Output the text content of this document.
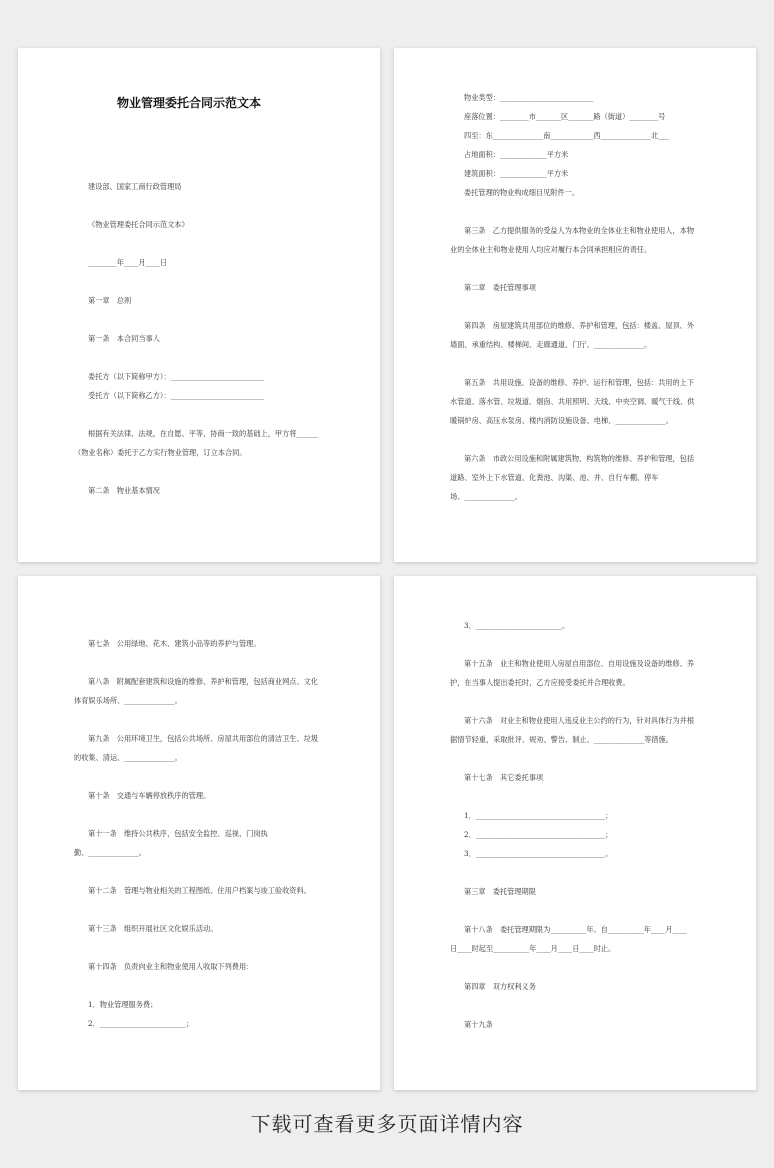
物业管理委托合同示范文本
建设部、国家工商行政管理局
《物业管理委托合同示范文本》
________年____月____日
第一章　总则
第一条　本合同当事人
委托方（以下简称甲方）：__________________________
受托方（以下简称乙方）：__________________________
根据有关法律、法规，在自愿、平等、协商一致的基础上，甲方将______
（物业名称）委托于乙方实行物业管理，订立本合同。
第二条　物业基本情况
物业类型：__________________________
座落位置：________市_______区_______路（街道）________号
四至：东______________南____________西______________北___
占地面积：_____________平方米
建筑面积：_____________平方米
委托管理的物业构成细目见附件一。
第三条　乙方提供服务的受益人为本物业的全体业主和物业使用人，本物
业的全体业主和物业使用人均应对履行本合同承担相应的责任。
第二章　委托管理事项
第四条　房屋建筑共用部位的维修、养护和管理，包括：楼盖、屋顶、外
墙面、承重结构、楼梯间、走廊通道、门厅、______________。
第五条　共用设施、设备的维修、养护、运行和管理，包括：共用的上下
水管道、落水管、垃圾道、烟囱、共用照明、天线、中央空调、暖气干线、供
暖锅炉房、高压水泵房、楼内消防设施设备、电梯、______________。
第六条　市政公用设施和附属建筑物、构筑物的维修、养护和管理，包括
道路、室外上下水管道、化粪池、沟渠、池、井、自行车棚、停车
场、______________。
第七条　公用绿地、花木、建筑小品等的养护与管理。
第八条　附属配套建筑和设施的维修、养护和管理，包括商业网点、文化
体育娱乐场所、______________。
第九条　公用环境卫生，包括公共场所、房屋共用部位的清洁卫生、垃圾
的收集、清运、______________。
第十条　交通与车辆停放秩序的管理。
第十一条　维持公共秩序，包括安全监控、巡视、门岗执
勤、______________。
第十二条　管理与物业相关的工程图纸、住用户档案与竣工验收资料。
第十三条　组织开展社区文化娱乐活动。
第十四条　负责向业主和物业使用人收取下列费用：
1．物业管理服务费；
2．________________________；
3．________________________。
第十五条　业主和物业使用人房屋自用部位、自用设施及设备的维修、养
护，在当事人提出委托时，乙方应接受委托并合理收费。
第十六条　对业主和物业使用人违反业主公约的行为，针对具体行为并根
据情节轻重，采取批评、规劝、警告、制止、______________等措施。
第十七条　其它委托事项
1．____________________________________；
2．____________________________________；
3．____________________________________。
第三章　委托管理期限
第十八条　委托管理期限为__________年。自__________年____月____
日____时起至__________年____月____日____时止。
第四章　双方权利义务
第十九条
下载可查看更多页面详情内容
